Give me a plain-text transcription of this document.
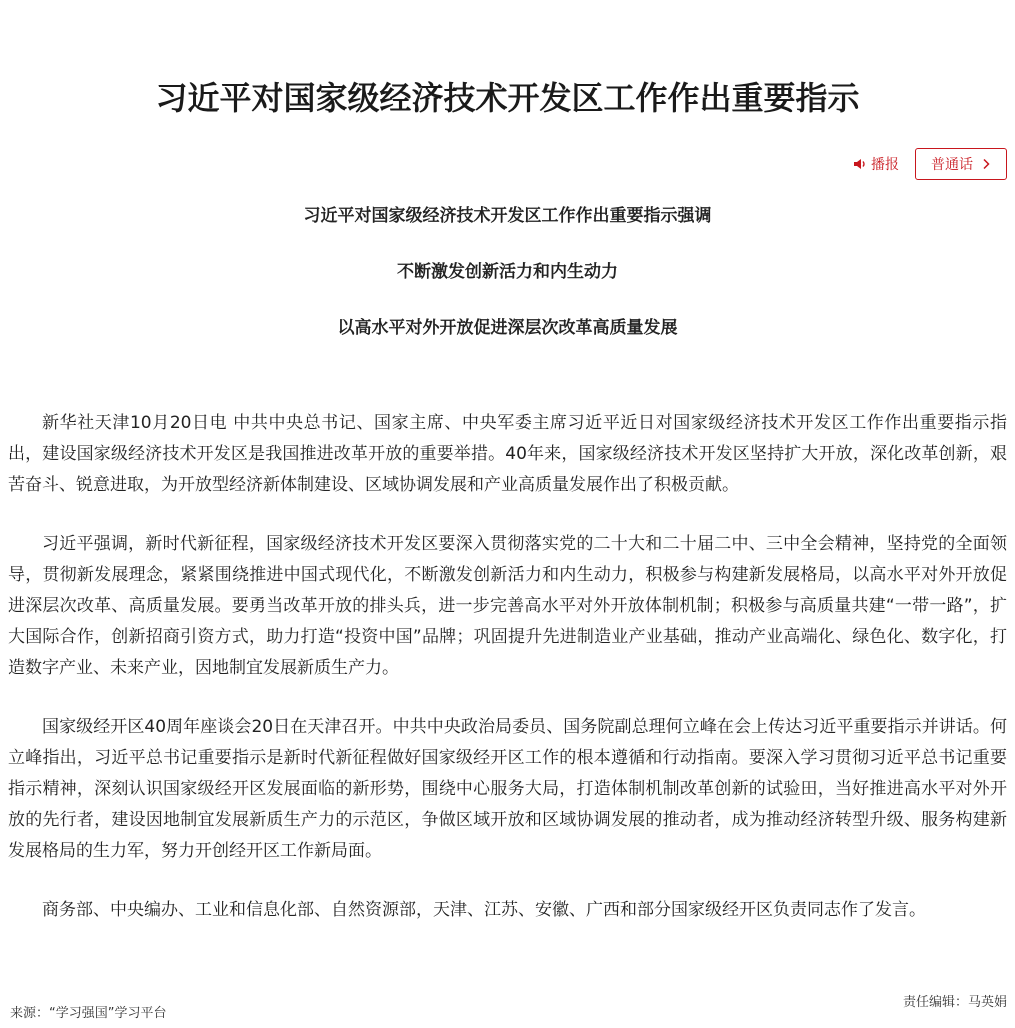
习近平对国家级经济技术开发区工作作出重要指示
播报 普通话
习近平对国家级经济技术开发区工作作出重要指示强调
不断激发创新活力和内生动力
以高水平对外开放促进深层次改革高质量发展

新华社天津10月20日电 中共中央总书记、国家主席、中央军委主席习近平近日对国家级经济技术开发区工作作出重要指示指出，建设国家级经济技术开发区是我国推进改革开放的重要举措。40年来，国家级经济技术开发区坚持扩大开放，深化改革创新，艰苦奋斗、锐意进取，为开放型经济新体制建设、区域协调发展和产业高质量发展作出了积极贡献。

习近平强调，新时代新征程，国家级经济技术开发区要深入贯彻落实党的二十大和二十届二中、三中全会精神，坚持党的全面领导，贯彻新发展理念，紧紧围绕推进中国式现代化，不断激发创新活力和内生动力，积极参与构建新发展格局，以高水平对外开放促进深层次改革、高质量发展。要勇当改革开放的排头兵，进一步完善高水平对外开放体制机制；积极参与高质量共建“一带一路”，扩大国际合作，创新招商引资方式，助力打造“投资中国”品牌；巩固提升先进制造业产业基础，推动产业高端化、绿色化、数字化，打造数字产业、未来产业，因地制宜发展新质生产力。

国家级经开区40周年座谈会20日在天津召开。中共中央政治局委员、国务院副总理何立峰在会上传达习近平重要指示并讲话。何立峰指出，习近平总书记重要指示是新时代新征程做好国家级经开区工作的根本遵循和行动指南。要深入学习贯彻习近平总书记重要指示精神，深刻认识国家级经开区发展面临的新形势，围绕中心服务大局，打造体制机制改革创新的试验田，当好推进高水平对外开放的先行者，建设因地制宜发展新质生产力的示范区，争做区域开放和区域协调发展的推动者，成为推动经济转型升级、服务构建新发展格局的生力军，努力开创经开区工作新局面。

商务部、中央编办、工业和信息化部、自然资源部，天津、江苏、安徽、广西和部分国家级经开区负责同志作了发言。

来源：“学习强国”学习平台
责任编辑：马英娟
